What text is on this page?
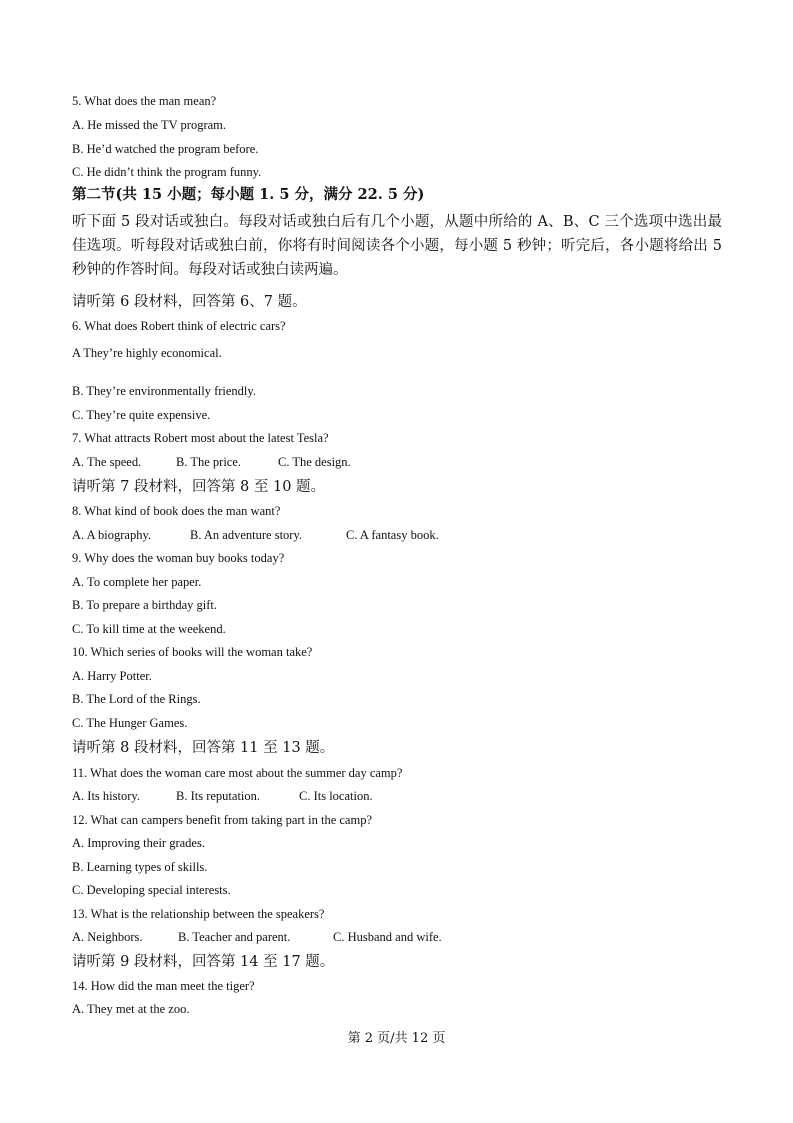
5. What does the man mean?
A. He missed the TV program.
B. He’d watched the program before.
C. He didn’t think the program funny.
第二节(共 15 小题；每小题 1. 5 分，满分 22. 5 分)
听下面 5 段对话或独白。每段对话或独白后有几个小题，从题中所给的 A、B、C 三个选项中选出最佳选项。听每段对话或独白前，你将有时间阅读各个小题，每小题 5 秒钟；听完后，各小题将给出 5 秒钟的作答时间。每段对话或独白读两遍。
请听第 6 段材料，回答第 6、7 题。
6. What does Robert think of electric cars?
A They’re highly economical.
B. They’re environmentally friendly.
C. They’re quite expensive.
7. What attracts Robert most about the latest Tesla?
A. The speed.	B. The price.	C. The design.
请听第 7 段材料，回答第 8 至 10 题。
8. What kind of book does the man want?
A. A biography.	B. An adventure story.	C. A fantasy book.
9. Why does the woman buy books today?
A. To complete her paper.
B. To prepare a birthday gift.
C. To kill time at the weekend.
10. Which series of books will the woman take?
A. Harry Potter.
B. The Lord of the Rings.
C. The Hunger Games.
请听第 8 段材料，回答第 11 至 13 题。
11. What does the woman care most about the summer day camp?
A. Its history.	B. Its reputation.	C. Its location.
12. What can campers benefit from taking part in the camp?
A. Improving their grades.
B. Learning types of skills.
C. Developing special interests.
13. What is the relationship between the speakers?
A. Neighbors.	B. Teacher and parent.	C. Husband and wife.
请听第 9 段材料，回答第 14 至 17 题。
14. How did the man meet the tiger?
A. They met at the zoo.
第 2 页/共 12 页
